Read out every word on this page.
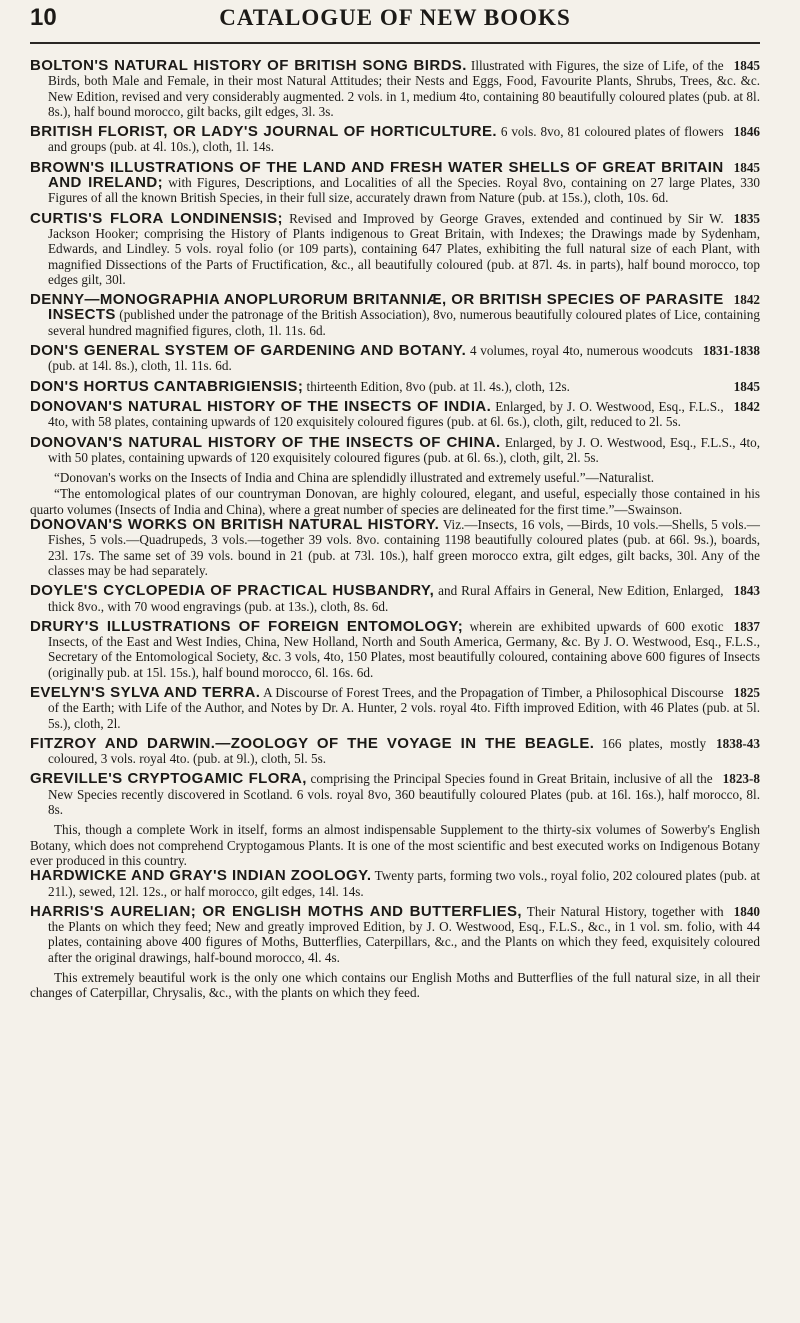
10	CATALOGUE OF NEW BOOKS

1845
BOLTON'S NATURAL HISTORY OF BRITISH SONG BIRDS. Illustrated with Figures, the size of Life, of the Birds, both Male and Female, in their most Natural Attitudes; their Nests and Eggs, Food, Favourite Plants, Shrubs, Trees, &c. &c. New Edition, revised and very considerably augmented. 2 vols. in 1, medium 4to, containing 80 beautifully coloured plates (pub. at 8l. 8s.), half bound morocco, gilt backs, gilt edges, 3l. 3s.

1846
BRITISH FLORIST, OR LADY'S JOURNAL OF HORTICULTURE. 6 vols. 8vo, 81 coloured plates of flowers and groups (pub. at 4l. 10s.), cloth, 1l. 14s.

1845
BROWN'S ILLUSTRATIONS OF THE LAND AND FRESH WATER SHELLS OF GREAT BRITAIN AND IRELAND; with Figures, Descriptions, and Localities of all the Species. Royal 8vo, containing on 27 large Plates, 330 Figures of all the known British Species, in their full size, accurately drawn from Nature (pub. at 15s.), cloth, 10s. 6d.

1835
CURTIS'S FLORA LONDINENSIS; Revised and Improved by George Graves, extended and continued by Sir W. Jackson Hooker; comprising the History of Plants indigenous to Great Britain, with Indexes; the Drawings made by Sydenham, Edwards, and Lindley. 5 vols. royal folio (or 109 parts), containing 647 Plates, exhibiting the full natural size of each Plant, with magnified Dissections of the Parts of Fructification, &c., all beautifully coloured (pub. at 87l. 4s. in parts), half bound morocco, top edges gilt, 30l.

1842
DENNY—MONOGRAPHIA ANOPLURORUM BRITANNIÆ, OR BRITISH SPECIES OF PARASITE INSECTS (published under the patronage of the British Association), 8vo, numerous beautifully coloured plates of Lice, containing several hundred magnified figures, cloth, 1l. 11s. 6d.

1831-1838
DON'S GENERAL SYSTEM OF GARDENING AND BOTANY. 4 volumes, royal 4to, numerous woodcuts (pub. at 14l. 8s.), cloth, 1l. 11s. 6d.

1845
DON'S HORTUS CANTABRIGIENSIS; thirteenth Edition, 8vo (pub. at 1l. 4s.), cloth, 12s.

1842
DONOVAN'S NATURAL HISTORY OF THE INSECTS OF INDIA. Enlarged, by J. O. Westwood, Esq., F.L.S., 4to, with 58 plates, containing upwards of 120 exquisitely coloured figures (pub. at 6l. 6s.), cloth, gilt, reduced to 2l. 5s.

DONOVAN'S NATURAL HISTORY OF THE INSECTS OF CHINA. Enlarged, by J. O. Westwood, Esq., F.L.S., 4to, with 50 plates, containing upwards of 120 exquisitely coloured figures (pub. at 6l. 6s.), cloth, gilt, 2l. 5s.

“Donovan's works on the Insects of India and China are splendidly illustrated and extremely useful.”—Naturalist.

“The entomological plates of our countryman Donovan, are highly coloured, elegant, and useful, especially those contained in his quarto volumes (Insects of India and China), where a great number of species are delineated for the first time.”—Swainson.

DONOVAN'S WORKS ON BRITISH NATURAL HISTORY. Viz.—Insects, 16 vols, —Birds, 10 vols.—Shells, 5 vols.—Fishes, 5 vols.—Quadrupeds, 3 vols.—together 39 vols. 8vo. containing 1198 beautifully coloured plates (pub. at 66l. 9s.), boards, 23l. 17s. The same set of 39 vols. bound in 21 (pub. at 73l. 10s.), half green morocco extra, gilt edges, gilt backs, 30l. Any of the classes may be had separately.

1843
DOYLE'S CYCLOPEDIA OF PRACTICAL HUSBANDRY, and Rural Affairs in General, New Edition, Enlarged, thick 8vo., with 70 wood engravings (pub. at 13s.), cloth, 8s. 6d.

1837
DRURY'S ILLUSTRATIONS OF FOREIGN ENTOMOLOGY; wherein are exhibited upwards of 600 exotic Insects, of the East and West Indies, China, New Holland, North and South America, Germany, &c. By J. O. Westwood, Esq., F.L.S., Secretary of the Entomological Society, &c. 3 vols, 4to, 150 Plates, most beautifully coloured, containing above 600 figures of Insects (originally pub. at 15l. 15s.), half bound morocco, 6l. 16s. 6d.

1825
EVELYN'S SYLVA AND TERRA. A Discourse of Forest Trees, and the Propagation of Timber, a Philosophical Discourse of the Earth; with Life of the Author, and Notes by Dr. A. Hunter, 2 vols. royal 4to. Fifth improved Edition, with 46 Plates (pub. at 5l. 5s.), cloth, 2l.

1838-43
FITZROY AND DARWIN.—ZOOLOGY OF THE VOYAGE IN THE BEAGLE. 166 plates, mostly coloured, 3 vols. royal 4to. (pub. at 9l.), cloth, 5l. 5s.

1823-8
GREVILLE'S CRYPTOGAMIC FLORA, comprising the Principal Species found in Great Britain, inclusive of all the New Species recently discovered in Scotland. 6 vols. royal 8vo, 360 beautifully coloured Plates (pub. at 16l. 16s.), half morocco, 8l. 8s.

This, though a complete Work in itself, forms an almost indispensable Supplement to the thirty-six volumes of Sowerby's English Botany, which does not comprehend Cryptogamous Plants. It is one of the most scientific and best executed works on Indigenous Botany ever produced in this country.

HARDWICKE AND GRAY'S INDIAN ZOOLOGY. Twenty parts, forming two vols., royal folio, 202 coloured plates (pub. at 21l.), sewed, 12l. 12s., or half morocco, gilt edges, 14l. 14s.

1840
HARRIS'S AURELIAN; OR ENGLISH MOTHS AND BUTTERFLIES, Their Natural History, together with the Plants on which they feed; New and greatly improved Edition, by J. O. Westwood, Esq., F.L.S., &c., in 1 vol. sm. folio, with 44 plates, containing above 400 figures of Moths, Butterflies, Caterpillars, &c., and the Plants on which they feed, exquisitely coloured after the original drawings, half-bound morocco, 4l. 4s.

This extremely beautiful work is the only one which contains our English Moths and Butterflies of the full natural size, in all their changes of Caterpillar, Chrysalis, &c., with the plants on which they feed.
